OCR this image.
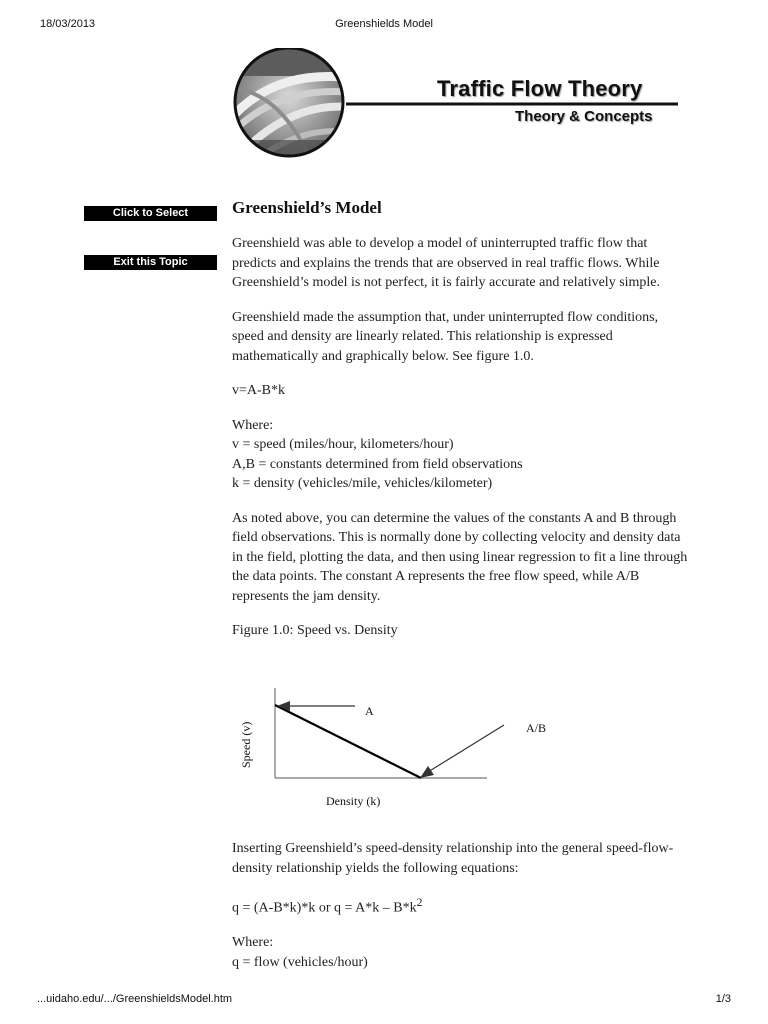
18/03/2013	Greenshields Model
Traffic Flow Theory
Theory & Concepts
Click to Select
Exit this Topic
Greenshield’s Model

Greenshield was able to develop a model of uninterrupted traffic flow that predicts and explains the trends that are observed in real traffic flows. While Greenshield’s model is not perfect, it is fairly accurate and relatively simple.

Greenshield made the assumption that, under uninterrupted flow conditions, speed and density are linearly related. This relationship is expressed mathematically and graphically below. See figure 1.0.

v=A-B*k

Where:
v = speed (miles/hour, kilometers/hour)
A,B = constants determined from field observations
k = density (vehicles/mile, vehicles/kilometer)

As noted above, you can determine the values of the constants A and B through field observations. This is normally done by collecting velocity and density data in the field, plotting the data, and then using linear regression to fit a line through the data points. The constant A represents the free flow speed, while A/B represents the jam density.

Figure 1.0: Speed vs. Density

A
A/B
Speed (v)
Density (k)

Inserting Greenshield’s speed-density relationship into the general speed-flow-density relationship yields the following equations:

q = (A-B*k)*k or $q = A*k - B*k^2$

Where:
q = flow (vehicles/hour)

...uidaho.edu/.../GreenshieldsModel.htm	1/3
